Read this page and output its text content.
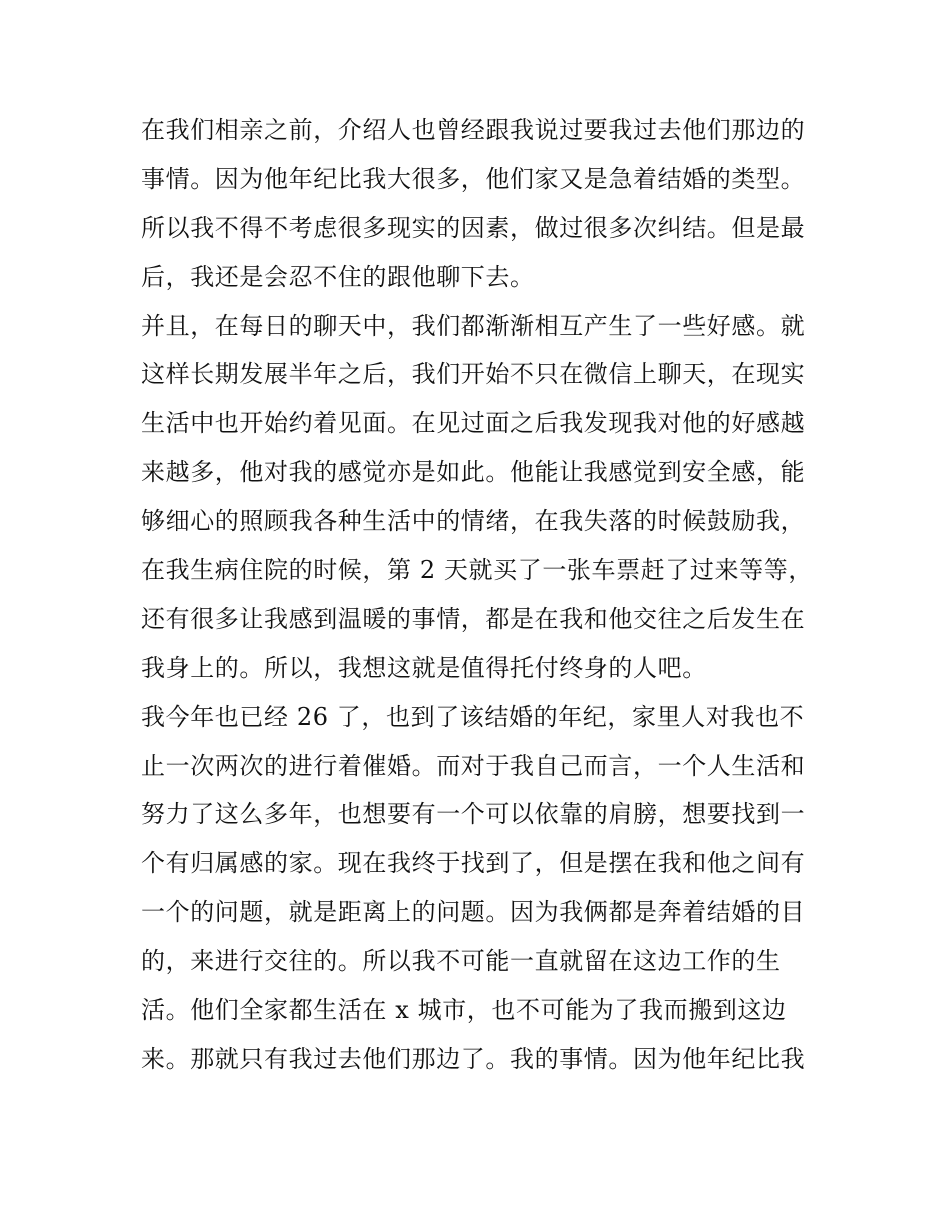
在我们相亲之前，介绍人也曾经跟我说过要我过去他们那边的
事情。因为他年纪比我大很多，他们家又是急着结婚的类型。
所以我不得不考虑很多现实的因素，做过很多次纠结。但是最
后，我还是会忍不住的跟他聊下去。
并且，在每日的聊天中，我们都渐渐相互产生了一些好感。就
这样长期发展半年之后，我们开始不只在微信上聊天，在现实
生活中也开始约着见面。在见过面之后我发现我对他的好感越
来越多，他对我的感觉亦是如此。他能让我感觉到安全感，能
够细心的照顾我各种生活中的情绪，在我失落的时候鼓励我，
在我生病住院的时候，第 2 天就买了一张车票赶了过来等等，
还有很多让我感到温暖的事情，都是在我和他交往之后发生在
我身上的。所以，我想这就是值得托付终身的人吧。
我今年也已经 26 了，也到了该结婚的年纪，家里人对我也不
止一次两次的进行着催婚。而对于我自己而言，一个人生活和
努力了这么多年，也想要有一个可以依靠的肩膀，想要找到一
个有归属感的家。现在我终于找到了，但是摆在我和他之间有
一个的问题，就是距离上的问题。因为我俩都是奔着结婚的目
的，来进行交往的。所以我不可能一直就留在这边工作的生
活。他们全家都生活在 x 城市，也不可能为了我而搬到这边
来。那就只有我过去他们那边了。我的事情。因为他年纪比我
